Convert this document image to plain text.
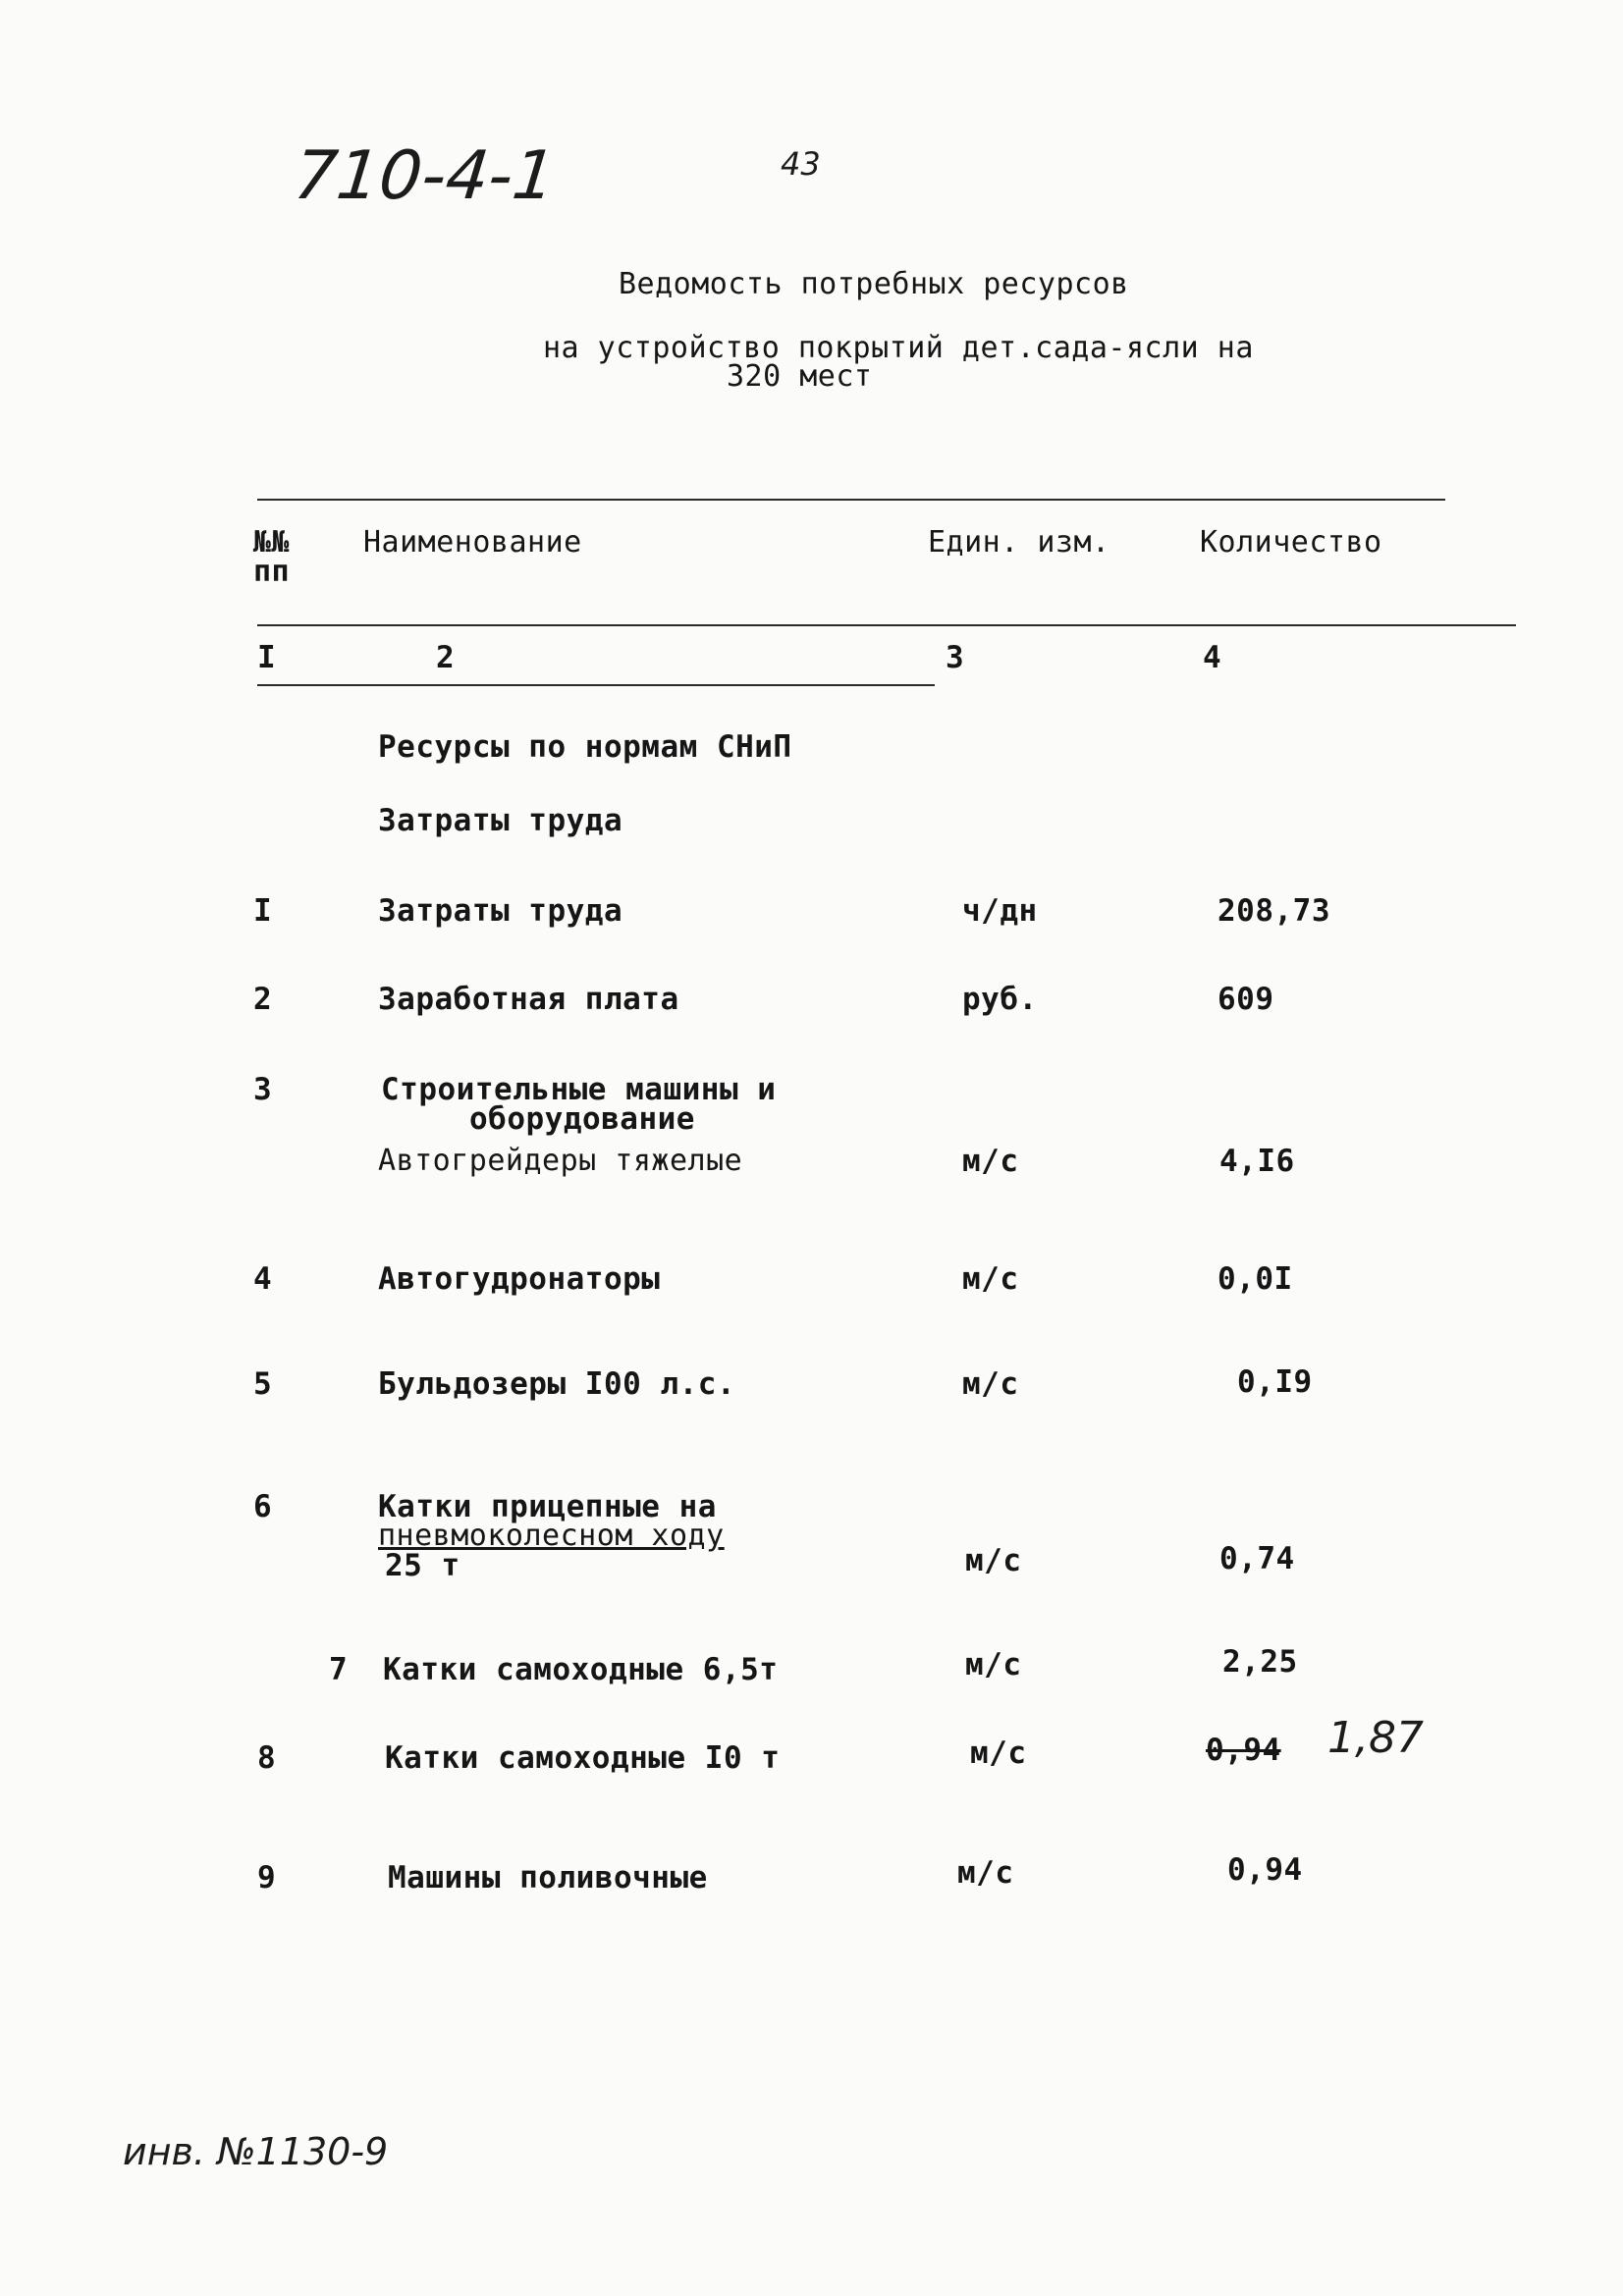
710-4-1	43
Ведомость потребных ресурсов
на устройство покрытий дет.сада-ясли на
320 мест
№№
пп
Наименование	Един. изм.	Количество
I	2	3	4
Ресурсы по нормам СНиП
Затраты труда
I	Затраты труда	ч/дн	208,73
2	Заработная плата	руб.	609
3	Строительные машины и
оборудование
Автогрейдеры тяжелые	м/с	4,I6
4	Автогудронаторы	м/с	0,0I
5	Бульдозеры I00 л.с.	м/с	0,I9
6	Катки прицепные на
пневмоколесном ходу
25 т	м/с	0,74
7 Катки самоходные 6,5т	м/с	2,25
8	Катки самоходные I0 т	м/с	0,94 1,87
9	Машины поливочные	м/с	0,94
инв. №1130-9
